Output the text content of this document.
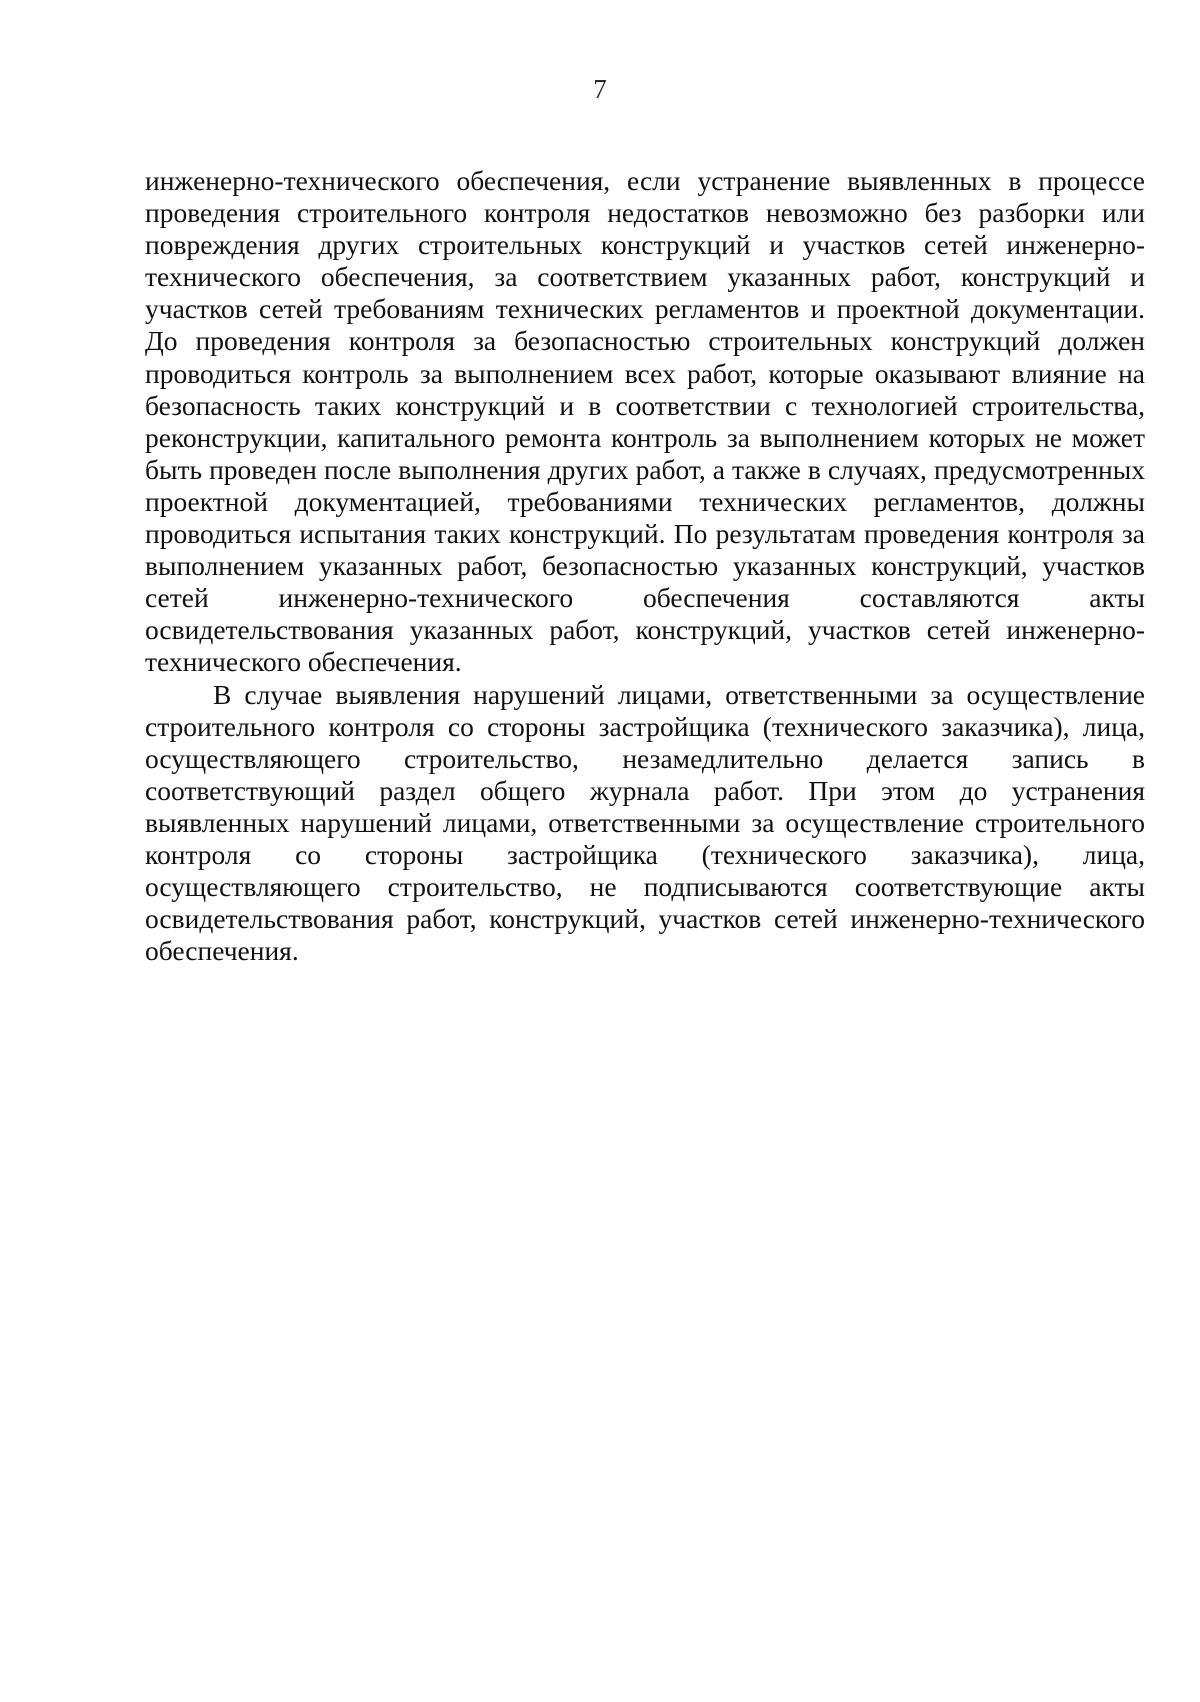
7

инженерно-технического обеспечения, если устранение выявленных в процессе проведения строительного контроля недостатков невозможно без разборки или повреждения других строительных конструкций и участков сетей инженерно-технического обеспечения, за соответствием указанных работ, конструкций и участков сетей требованиям технических регламентов и проектной документации. До проведения контроля за безопасностью строительных конструкций должен проводиться контроль за выполнением всех работ, которые оказывают влияние на безопасность таких конструкций и в соответствии с технологией строительства, реконструкции, капитального ремонта контроль за выполнением которых не может быть проведен после выполнения других работ, а также в случаях, предусмотренных проектной документацией, требованиями технических регламентов, должны проводиться испытания таких конструкций. По результатам проведения контроля за выполнением указанных работ, безопасностью указанных конструкций, участков сетей инженерно-технического обеспечения составляются акты освидетельствования указанных работ, конструкций, участков сетей инженерно-технического обеспечения.

В случае выявления нарушений лицами, ответственными за осуществление строительного контроля со стороны застройщика (технического заказчика), лица, осуществляющего строительство, незамедлительно делается запись в соответствующий раздел общего журнала работ. При этом до устранения выявленных нарушений лицами, ответственными за осуществление строительного контроля со стороны застройщика (технического заказчика), лица, осуществляющего строительство, не подписываются соответствующие акты освидетельствования работ, конструкций, участков сетей инженерно-технического обеспечения.
